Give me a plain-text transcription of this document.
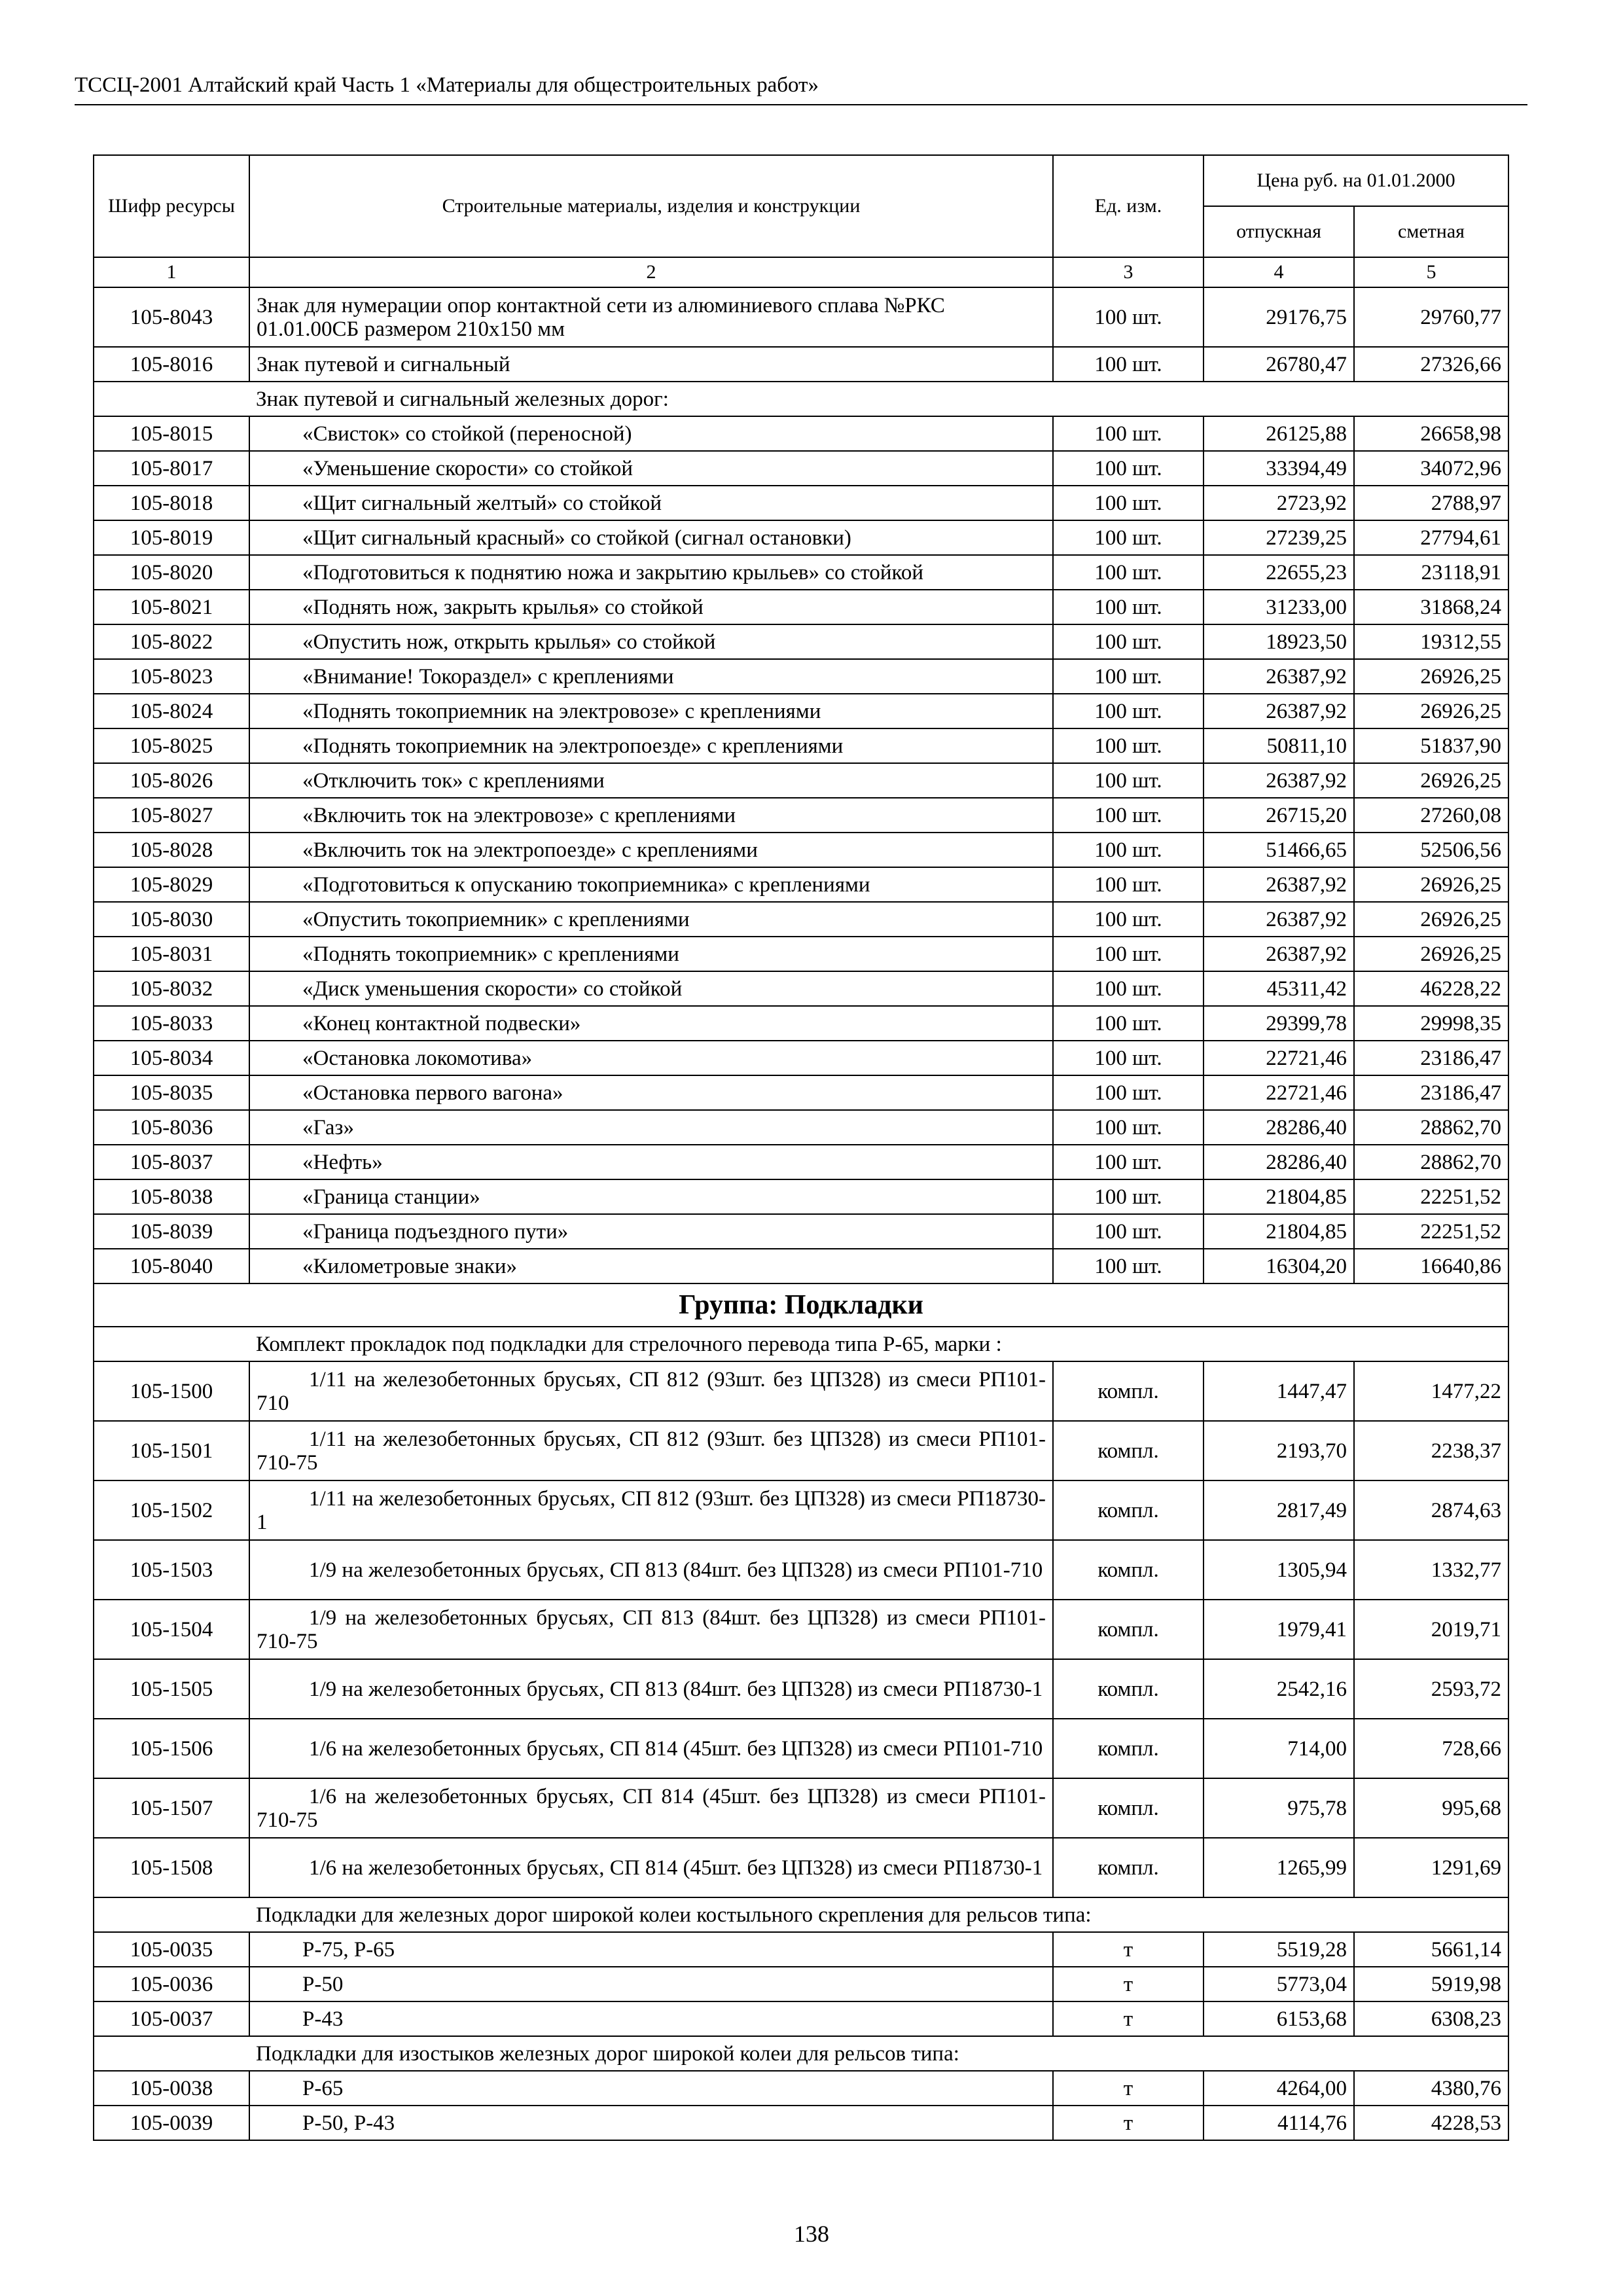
ТССЦ-2001 Алтайский край Часть 1 «Материалы для общестроительных работ»
Шифр ресурсы	Строительные материалы, изделия и конструкции	Ед. изм.	Цена руб. на 01.01.2000	
			отпускная	сметная
1	2	3	4	5
105-8043	Знак для нумерации опор контактной сети из алюминиевого сплава №РКС 01.01.00СБ размером 210х150 мм	100 шт.	29176,75	29760,77
105-8016	Знак путевой и сигнальный	100 шт.	26780,47	27326,66
	Знак путевой и сигнальный железных дорог:			
105-8015	«Свисток» со стойкой (переносной)	100 шт.	26125,88	26658,98
105-8017	«Уменьшение скорости» со стойкой	100 шт.	33394,49	34072,96
105-8018	«Щит сигнальный желтый» со стойкой	100 шт.	2723,92	2788,97
105-8019	«Щит сигнальный красный» со стойкой (сигнал остановки)	100 шт.	27239,25	27794,61
105-8020	«Подготовиться к поднятию ножа и закрытию крыльев» со стойкой	100 шт.	22655,23	23118,91
105-8021	«Поднять нож, закрыть крылья» со стойкой	100 шт.	31233,00	31868,24
105-8022	«Опустить нож, открыть крылья» со стойкой	100 шт.	18923,50	19312,55
105-8023	«Внимание! Токораздел» с креплениями	100 шт.	26387,92	26926,25
105-8024	«Поднять токоприемник на электровозе» с креплениями	100 шт.	26387,92	26926,25
105-8025	«Поднять токоприемник на электропоезде» с креплениями	100 шт.	50811,10	51837,90
105-8026	«Отключить ток» с креплениями	100 шт.	26387,92	26926,25
105-8027	«Включить ток на электровозе» с креплениями	100 шт.	26715,20	27260,08
105-8028	«Включить ток на электропоезде» с креплениями	100 шт.	51466,65	52506,56
105-8029	«Подготовиться к опусканию токоприемника» с креплениями	100 шт.	26387,92	26926,25
105-8030	«Опустить токоприемник» с креплениями	100 шт.	26387,92	26926,25
105-8031	«Поднять токоприемник» с креплениями	100 шт.	26387,92	26926,25
105-8032	«Диск уменьшения скорости» со стойкой	100 шт.	45311,42	46228,22
105-8033	«Конец контактной подвески»	100 шт.	29399,78	29998,35
105-8034	«Остановка локомотива»	100 шт.	22721,46	23186,47
105-8035	«Остановка первого вагона»	100 шт.	22721,46	23186,47
105-8036	«Газ»	100 шт.	28286,40	28862,70
105-8037	«Нефть»	100 шт.	28286,40	28862,70
105-8038	«Граница станции»	100 шт.	21804,85	22251,52
105-8039	«Граница подъездного пути»	100 шт.	21804,85	22251,52
105-8040	«Километровые знаки»	100 шт.	16304,20	16640,86
Группа: Подкладки				
	Комплект прокладок под подкладки для стрелочного перевода типа Р-65, марки :			
105-1500	1/11 на железобетонных брусьях, СП 812 (93шт. без ЦП328) из смеси РП101-710	компл.	1447,47	1477,22
105-1501	1/11 на железобетонных брусьях, СП 812 (93шт. без ЦП328) из смеси РП101-710-75	компл.	2193,70	2238,37
105-1502	1/11 на железобетонных брусьях, СП 812 (93шт. без ЦП328) из смеси РП18730-1	компл.	2817,49	2874,63
105-1503	1/9 на железобетонных брусьях, СП 813 (84шт. без ЦП328) из смеси РП101-710	компл.	1305,94	1332,77
105-1504	1/9 на железобетонных брусьях, СП 813 (84шт. без ЦП328) из смеси РП101-710-75	компл.	1979,41	2019,71
105-1505	1/9 на железобетонных брусьях, СП 813 (84шт. без ЦП328) из смеси РП18730-1	компл.	2542,16	2593,72
105-1506	1/6 на железобетонных брусьях, СП 814 (45шт. без ЦП328) из смеси РП101-710	компл.	714,00	728,66
105-1507	1/6 на железобетонных брусьях, СП 814 (45шт. без ЦП328) из смеси РП101-710-75	компл.	975,78	995,68
105-1508	1/6 на железобетонных брусьях, СП 814 (45шт. без ЦП328) из смеси РП18730-1	компл.	1265,99	1291,69
	Подкладки для железных дорог широкой колеи костыльного скрепления для рельсов типа:			
105-0035	Р-75, Р-65	т	5519,28	5661,14
105-0036	Р-50	т	5773,04	5919,98
105-0037	Р-43	т	6153,68	6308,23
	Подкладки для изостыков железных дорог широкой колеи для рельсов типа:			
105-0038	Р-65	т	4264,00	4380,76
105-0039	Р-50, Р-43	т	4114,76	4228,53
138
